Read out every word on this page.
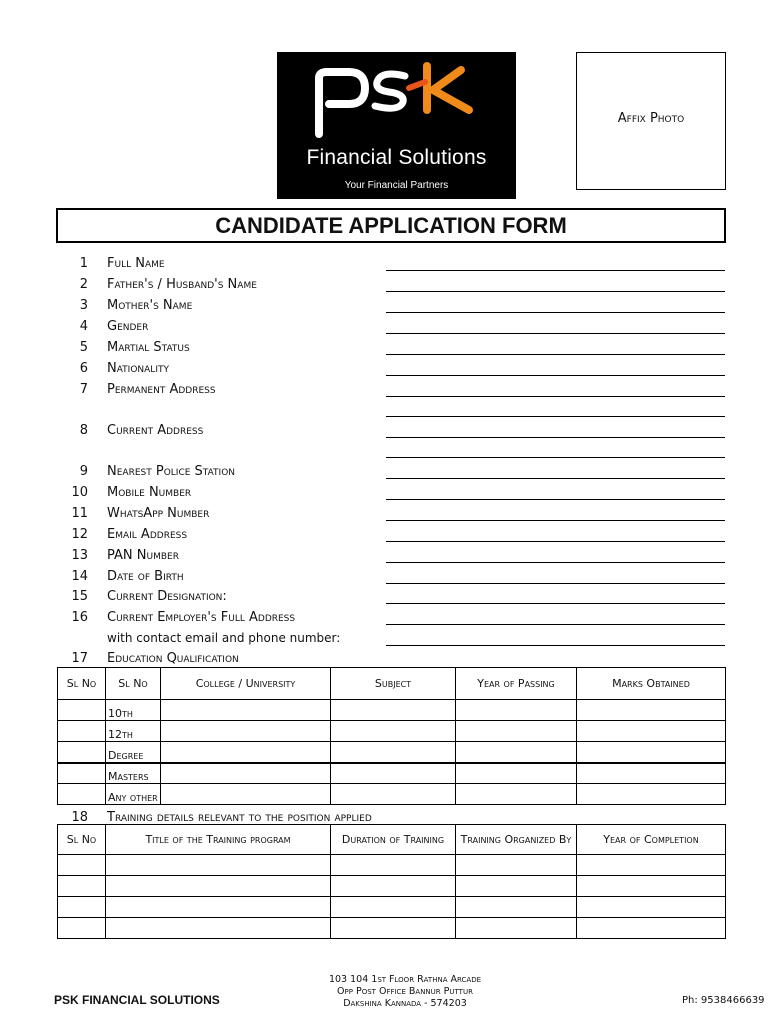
Financial Solutions
Your Financial Partners
Affix Photo
CANDIDATE APPLICATION FORM
1 Full Name
2 Father's / Husband's Name
3 Mother's Name
4 Gender
5 Martial Status
6 Nationality
7 Permanent Address
8 Current Address
9 Nearest Police Station
10 Mobile Number
11 WhatsApp Number
12 Email Address
13 PAN Number
14 Date of Birth
15 Current Designation:
16 Current Employer's Full Address
with contact email and phone number:
17 Education Qualification
Sl No	Sl No	College / University	Subject	Year of Passing	Marks Obtained
	10th				
	12th				
	Degree				
	Masters				
	Any other				
18 Training details relevant to the position applied
Sl No	Title of the Training program	Duration of Training	Training Organized By	Year of Completion

PSK FINANCIAL SOLUTIONS
103 104 1st Floor Rathna Arcade
Opp Post Office Bannur Puttur
Dakshina Kannada - 574203	Ph: 9538466639
